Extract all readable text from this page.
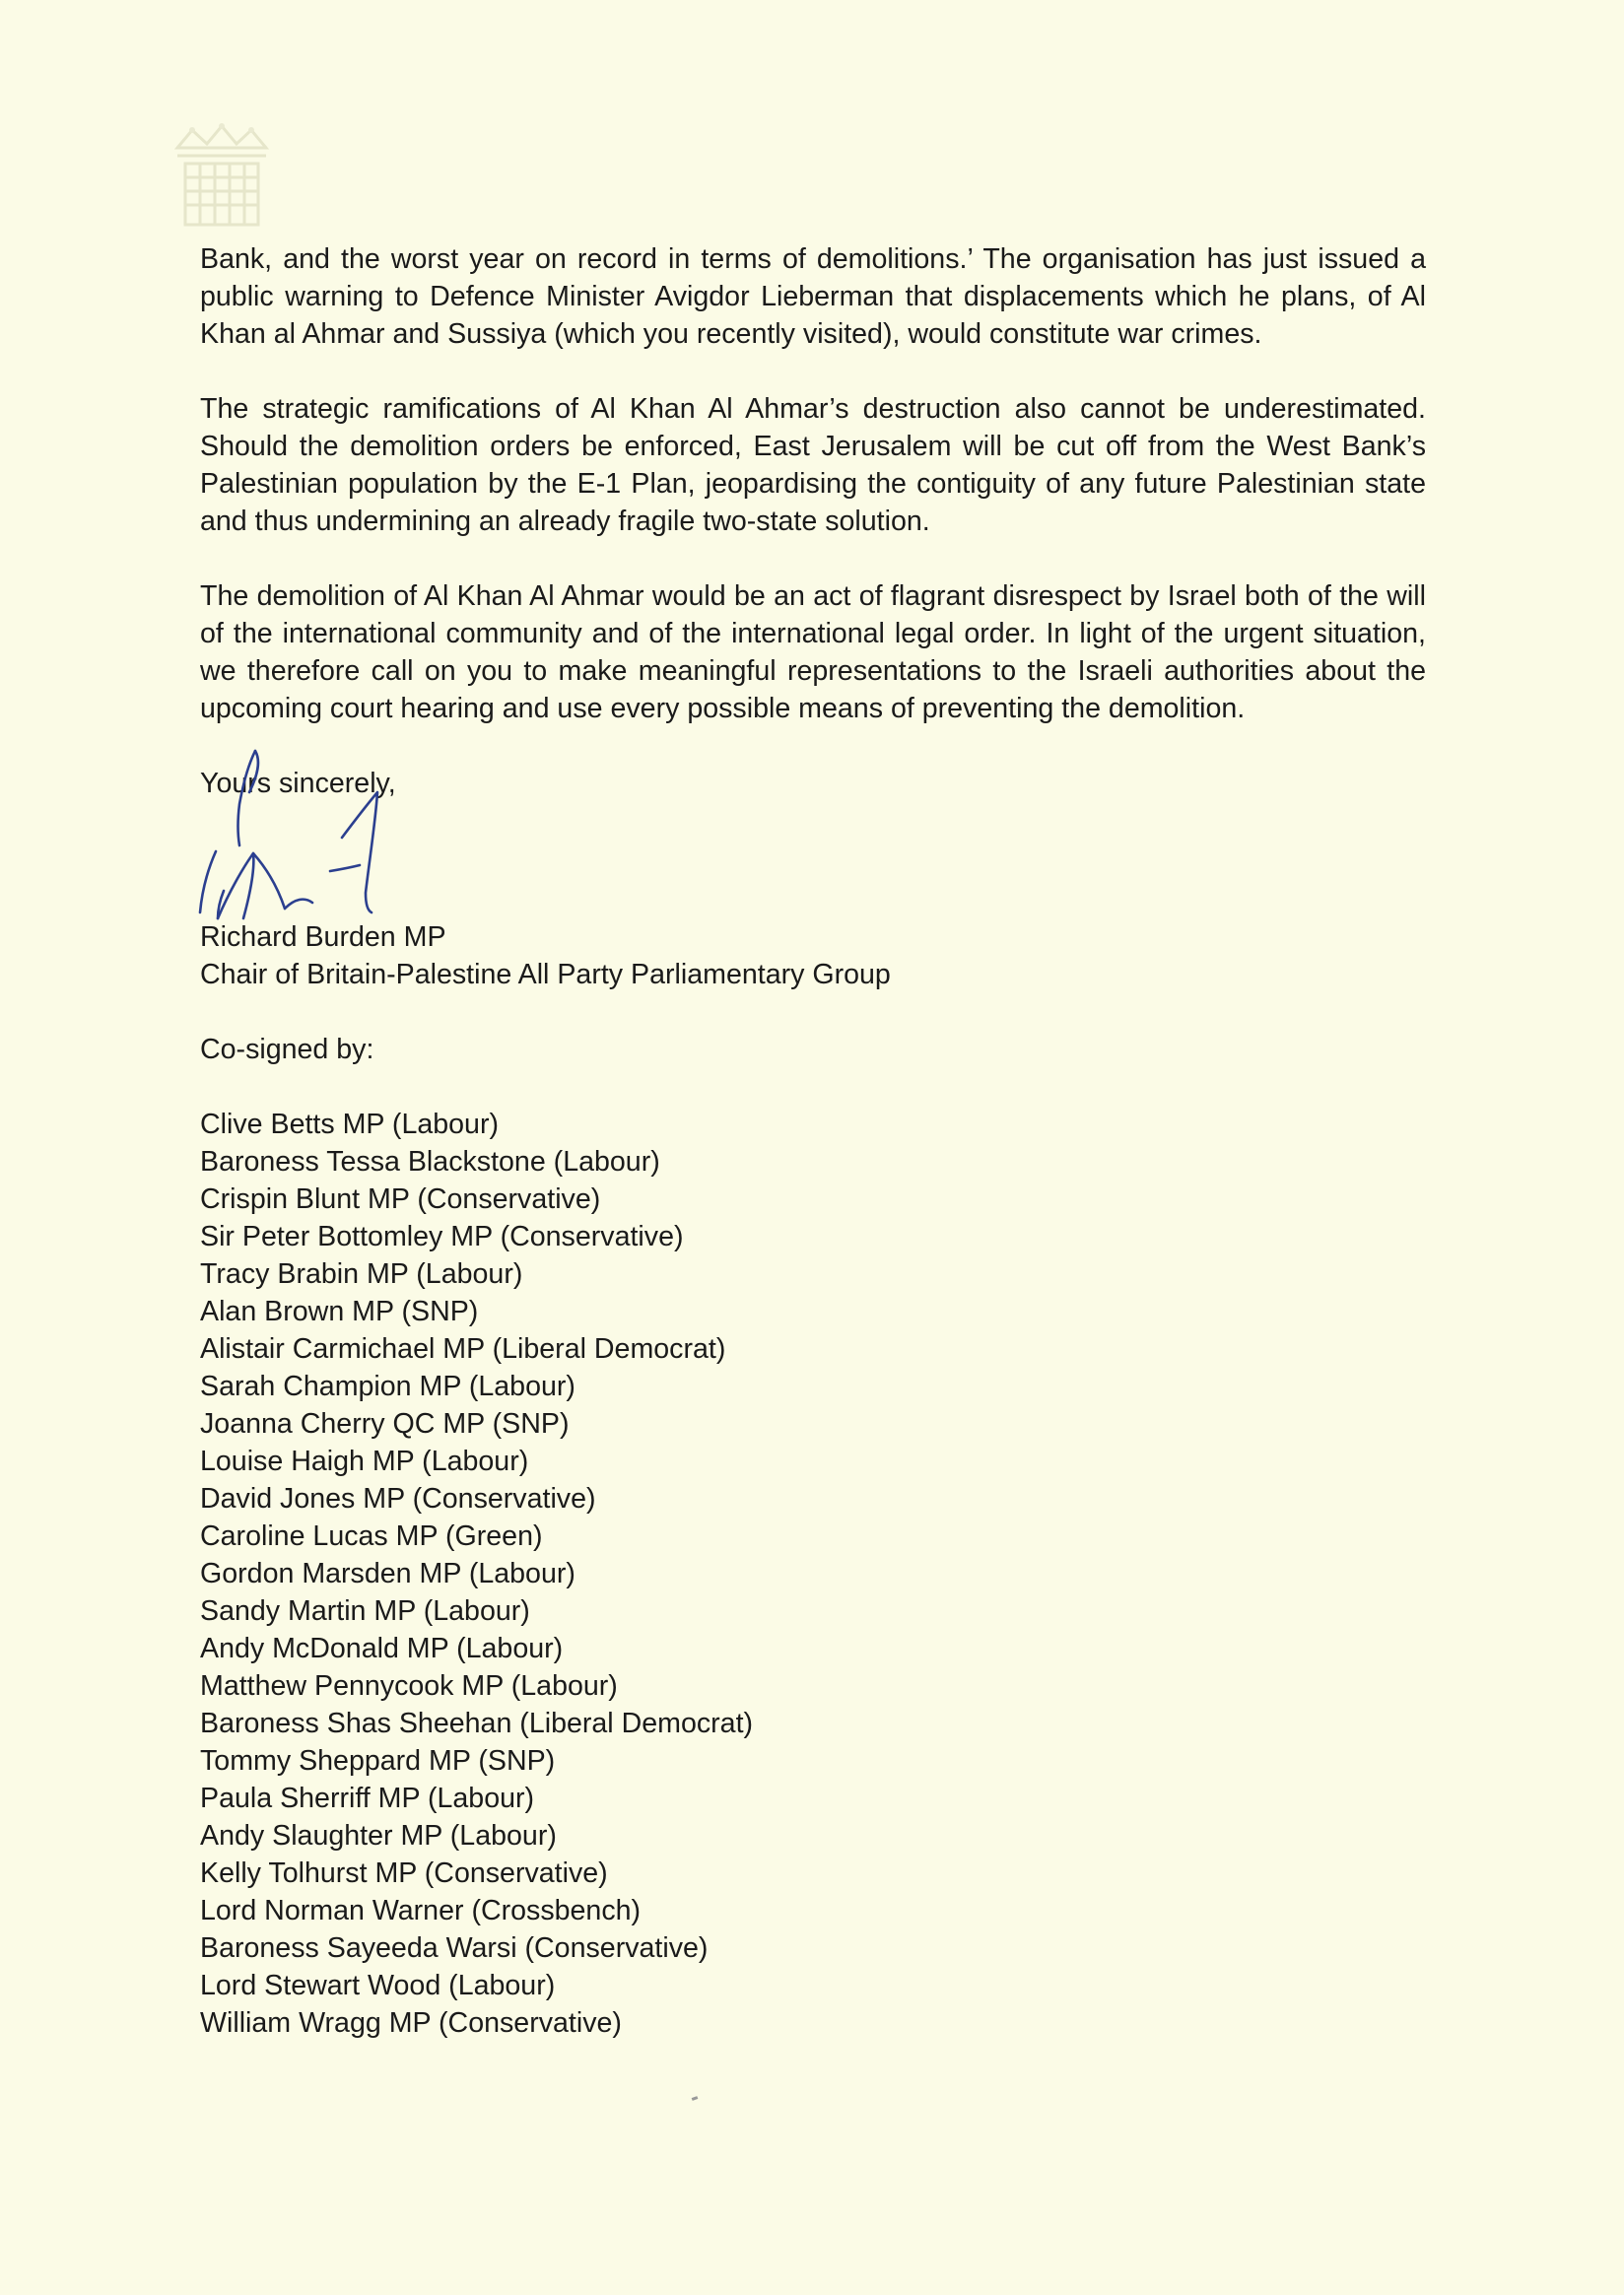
Bank, and the worst year on record in terms of demolitions.’ The organisation has just issued a public warning to Defence Minister Avigdor Lieberman that displacements which he plans, of Al Khan al Ahmar and Sussiya (which you recently visited), would constitute war crimes.

The strategic ramifications of Al Khan Al Ahmar’s destruction also cannot be underestimated. Should the demolition orders be enforced, East Jerusalem will be cut off from the West Bank’s Palestinian population by the E-1 Plan, jeopardising the contiguity of any future Palestinian state and thus undermining an already fragile two-state solution.

The demolition of Al Khan Al Ahmar would be an act of flagrant disrespect by Israel both of the will of the international community and of the international legal order. In light of the urgent situation, we therefore call on you to make meaningful representations to the Israeli authorities about the upcoming court hearing and use every possible means of preventing the demolition.

Yours sincerely,
Richard Burden MP
Chair of Britain-Palestine All Party Parliamentary Group
Co-signed by:
Clive Betts MP (Labour)
Baroness Tessa Blackstone (Labour)
Crispin Blunt MP (Conservative)
Sir Peter Bottomley MP (Conservative)
Tracy Brabin MP (Labour)
Alan Brown MP (SNP)
Alistair Carmichael MP (Liberal Democrat)
Sarah Champion MP (Labour)
Joanna Cherry QC MP (SNP)
Louise Haigh MP (Labour)
David Jones MP (Conservative)
Caroline Lucas MP (Green)
Gordon Marsden MP (Labour)
Sandy Martin MP (Labour)
Andy McDonald MP (Labour)
Matthew Pennycook MP (Labour)
Baroness Shas Sheehan (Liberal Democrat)
Tommy Sheppard MP (SNP)
Paula Sherriff MP (Labour)
Andy Slaughter MP (Labour)
Kelly Tolhurst MP (Conservative)
Lord Norman Warner (Crossbench)
Baroness Sayeeda Warsi (Conservative)
Lord Stewart Wood (Labour)
William Wragg MP (Conservative)
